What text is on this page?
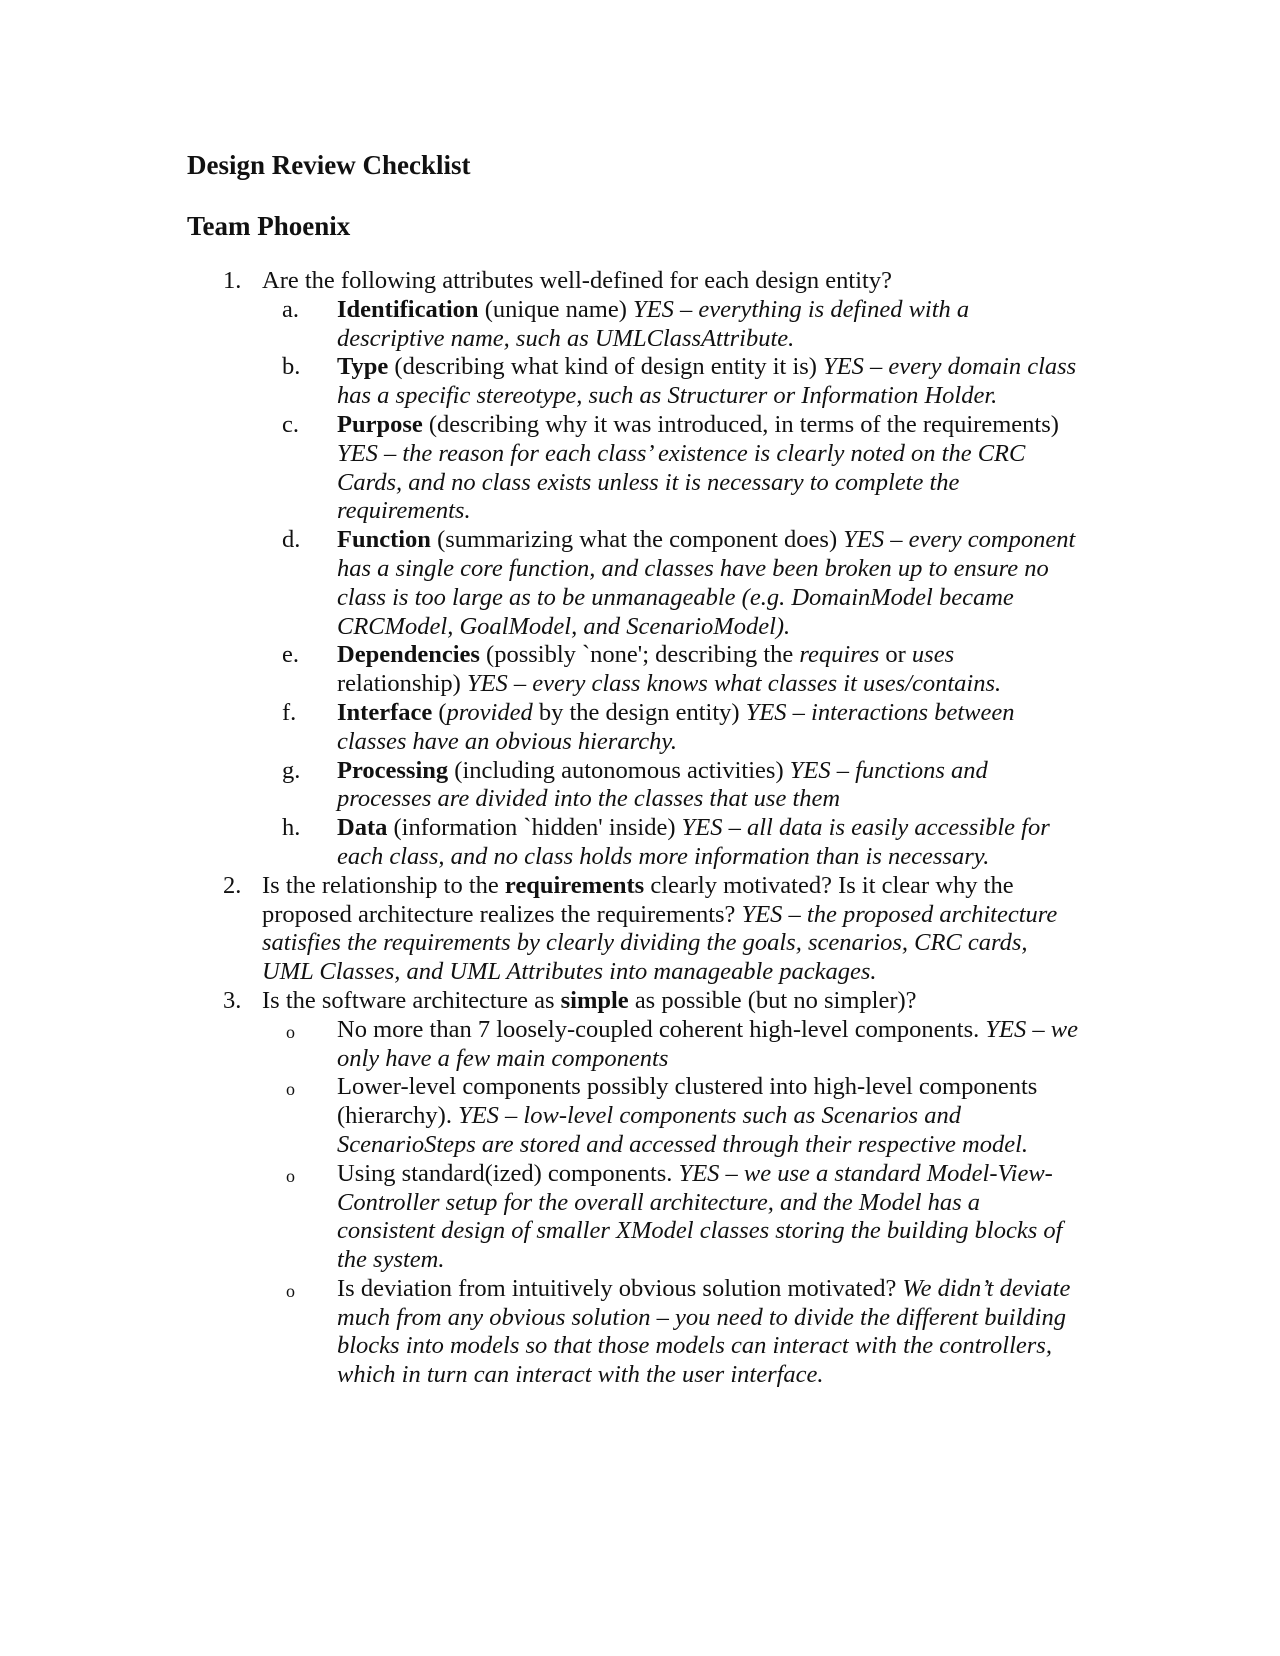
Design Review Checklist
Team Phoenix
1. Are the following attributes well-defined for each design entity?
a. Identification (unique name) YES – everything is defined with a descriptive name, such as UMLClassAttribute.
b. Type (describing what kind of design entity it is) YES – every domain class has a specific stereotype, such as Structurer or Information Holder.
c. Purpose (describing why it was introduced, in terms of the requirements) YES – the reason for each class’ existence is clearly noted on the CRC Cards, and no class exists unless it is necessary to complete the requirements.
d. Function (summarizing what the component does) YES – every component has a single core function, and classes have been broken up to ensure no class is too large as to be unmanageable (e.g. DomainModel became CRCModel, GoalModel, and ScenarioModel).
e. Dependencies (possibly `none'; describing the requires or uses relationship) YES – every class knows what classes it uses/contains.
f. Interface (provided by the design entity) YES – interactions between classes have an obvious hierarchy.
g. Processing (including autonomous activities) YES – functions and processes are divided into the classes that use them
h. Data (information `hidden' inside) YES – all data is easily accessible for each class, and no class holds more information than is necessary.
2. Is the relationship to the requirements clearly motivated? Is it clear why the proposed architecture realizes the requirements? YES – the proposed architecture satisfies the requirements by clearly dividing the goals, scenarios, CRC cards, UML Classes, and UML Attributes into manageable packages.
3. Is the software architecture as simple as possible (but no simpler)?
o No more than 7 loosely-coupled coherent high-level components. YES – we only have a few main components
o Lower-level components possibly clustered into high-level components (hierarchy). YES – low-level components such as Scenarios and ScenarioSteps are stored and accessed through their respective model.
o Using standard(ized) components. YES – we use a standard Model-View-Controller setup for the overall architecture, and the Model has a consistent design of smaller XModel classes storing the building blocks of the system.
o Is deviation from intuitively obvious solution motivated? We didn’t deviate much from any obvious solution – you need to divide the different building blocks into models so that those models can interact with the controllers, which in turn can interact with the user interface.
